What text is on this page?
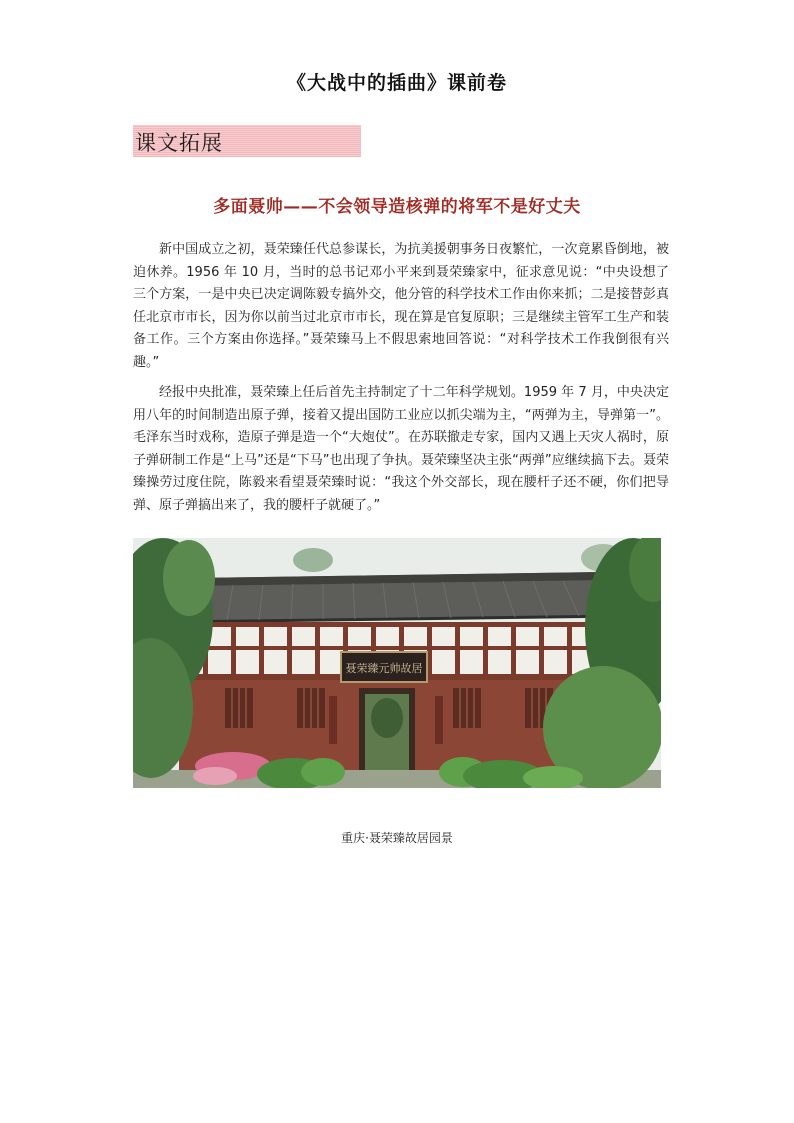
《大战中的插曲》课前卷
课文拓展
多面聂帅——不会领导造核弹的将军不是好丈夫
新中国成立之初，聂荣臻任代总参谋长，为抗美援朝事务日夜繁忙，一次竟累昏倒地，被迫休养。1956 年 10 月，当时的总书记邓小平来到聂荣臻家中，征求意见说：“中央设想了三个方案，一是中央已决定调陈毅专搞外交，他分管的科学技术工作由你来抓；二是接替彭真任北京市市长，因为你以前当过北京市市长，现在算是官复原职；三是继续主管军工生产和装备工作。三个方案由你选择。”聂荣臻马上不假思索地回答说：“对科学技术工作我倒很有兴趣。”
经报中央批准，聂荣臻上任后首先主持制定了十二年科学规划。1959 年 7 月，中央决定用八年的时间制造出原子弹，接着又提出国防工业应以抓尖端为主，“两弹为主，导弹第一”。毛泽东当时戏称，造原子弹是造一个“大炮仗”。在苏联撤走专家，国内又遇上天灾人祸时，原子弹研制工作是“上马”还是“下马”也出现了争执。聂荣臻坚决主张“两弹”应继续搞下去。聂荣臻操劳过度住院，陈毅来看望聂荣臻时说：“我这个外交部长，现在腰杆子还不硬，你们把导弹、原子弹搞出来了，我的腰杆子就硬了。”
聂荣臻元帅故居
重庆·聂荣臻故居园景
